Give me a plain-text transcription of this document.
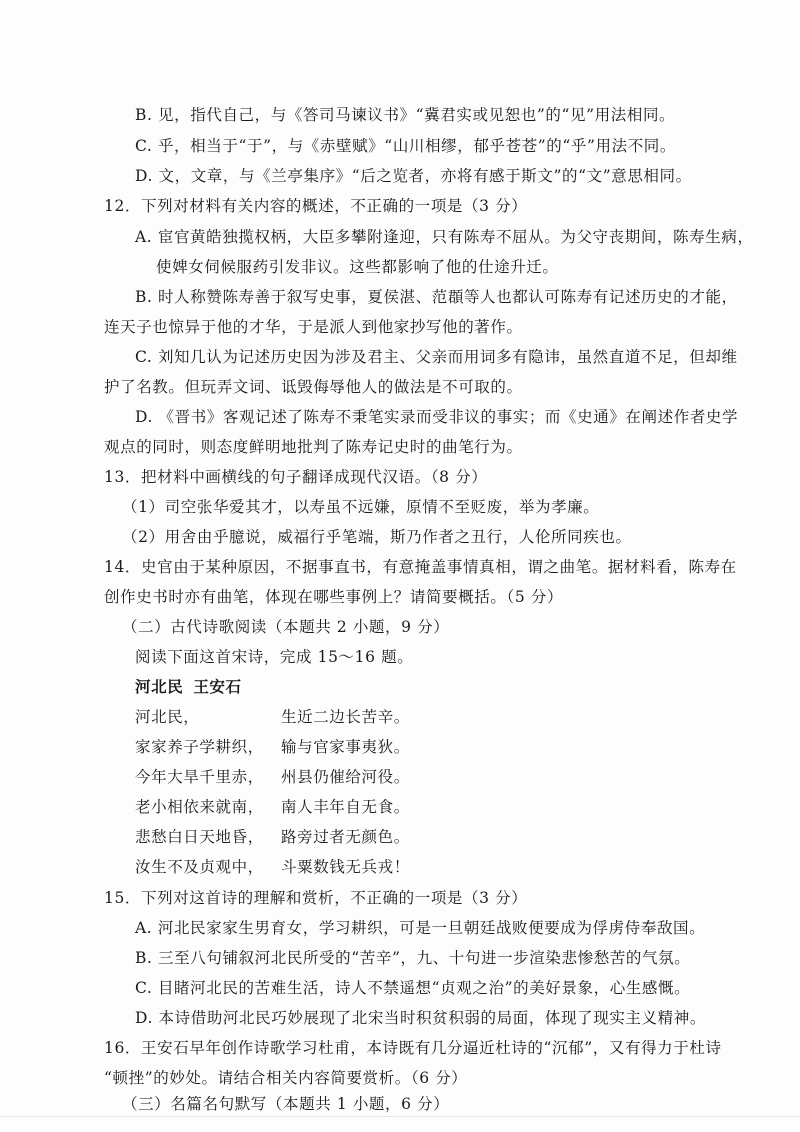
B. 见，指代自己，与《答司马谏议书》“冀君实或见恕也”的“见”用法相同。
C. 乎，相当于“于”，与《赤壁赋》“山川相缪，郁乎苍苍”的“乎”用法不同。
D. 文，文章，与《兰亭集序》“后之览者，亦将有感于斯文”的“文”意思相同。
12．下列对材料有关内容的概述，不正确的一项是（3 分）
A. 宦官黄皓独揽权柄，大臣多攀附逢迎，只有陈寿不屈从。为父守丧期间，陈寿生病，
使婢女伺候服药引发非议。这些都影响了他的仕途升迁。
B. 时人称赞陈寿善于叙写史事，夏侯湛、范頵等人也都认可陈寿有记述历史的才能，
连天子也惊异于他的才华，于是派人到他家抄写他的著作。
C. 刘知几认为记述历史因为涉及君主、父亲而用词多有隐讳，虽然直道不足，但却维
护了名教。但玩弄文词、诋毁侮辱他人的做法是不可取的。
D. 《晋书》客观记述了陈寿不秉笔实录而受非议的事实；而《史通》在阐述作者史学
观点的同时，则态度鲜明地批判了陈寿记史时的曲笔行为。
13．把材料中画横线的句子翻译成现代汉语。（8 分）
（1）司空张华爱其才，以寿虽不远嫌，原情不至贬废，举为孝廉。
（2）用舍由乎臆说，威福行乎笔端，斯乃作者之丑行，人伦所同疾也。
14．史官由于某种原因，不据事直书，有意掩盖事情真相，谓之曲笔。据材料看，陈寿在
创作史书时亦有曲笔，体现在哪些事例上？请简要概括。（5 分）
（二）古代诗歌阅读（本题共 2 小题，9 分）
阅读下面这首宋诗，完成 15～16 题。
河北民 王安石
河北民，	生近二边长苦辛。
家家养子学耕织， 输与官家事夷狄。
今年大旱千里赤， 州县仍催给河役。
老小相依来就南， 南人丰年自无食。
悲愁白日天地昏， 路旁过者无颜色。
汝生不及贞观中， 斗粟数钱无兵戎！
15．下列对这首诗的理解和赏析，不正确的一项是（3 分）
A. 河北民家家生男育女，学习耕织，可是一旦朝廷战败便要成为俘虏侍奉敌国。
B. 三至八句铺叙河北民所受的“苦辛”，九、十句进一步渲染悲惨愁苦的气氛。
C. 目睹河北民的苦难生活，诗人不禁遥想“贞观之治”的美好景象，心生感慨。
D. 本诗借助河北民巧妙展现了北宋当时积贫积弱的局面，体现了现实主义精神。
16．王安石早年创作诗歌学习杜甫，本诗既有几分逼近杜诗的“沉郁”，又有得力于杜诗
“顿挫”的妙处。请结合相关内容简要赏析。（6 分）
（三）名篇名句默写（本题共 1 小题，6 分）
